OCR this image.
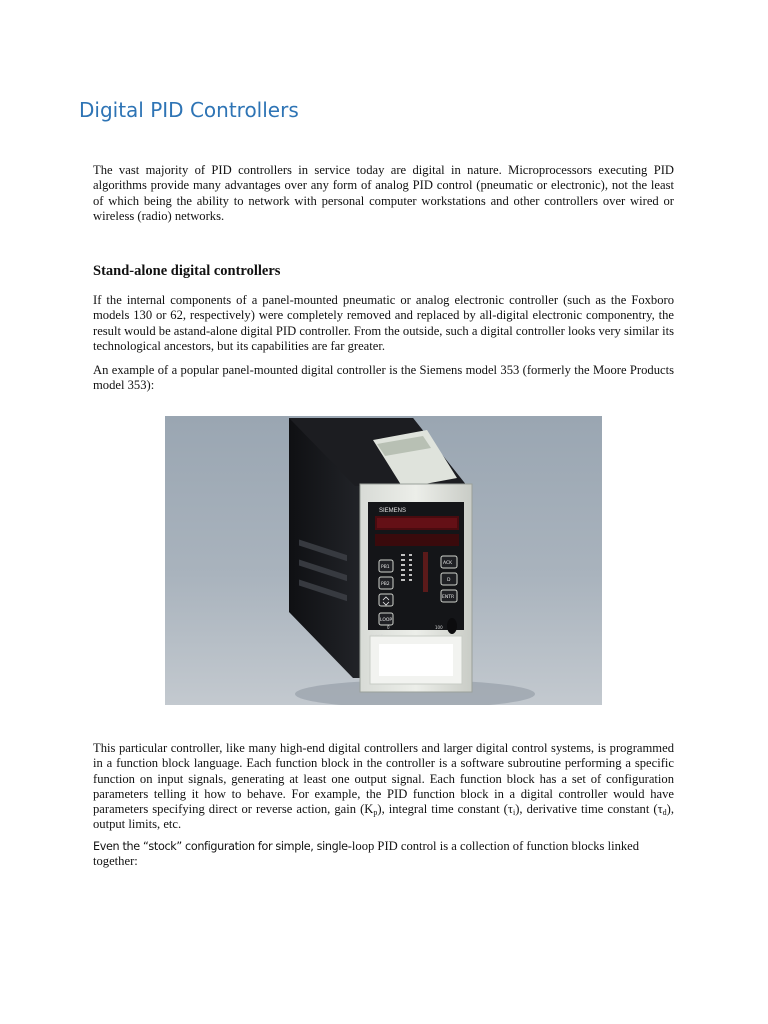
Digital PID Controllers

The vast majority of PID controllers in service today are digital in nature. Microprocessors executing PID algorithms provide many advantages over any form of analog PID control (pneumatic or electronic), not the least of which being the ability to network with personal computer workstations and other controllers over wired or wireless (radio) networks.

Stand-alone digital controllers

If the internal components of a panel-mounted pneumatic or analog electronic controller (such as the Foxboro models 130 or 62, respectively) were completely removed and replaced by all-digital electronic componentry, the result would be astand-alone digital PID controller. From the outside, such a digital controller looks very similar its technological ancestors, but its capabilities are far greater.

An example of a popular panel-mounted digital controller is the Siemens model 353 (formerly the Moore Products model 353):

SIEMENS
PB1
PB2
LOOP
ACK
D
ENTR
0	100

This particular controller, like many high-end digital controllers and larger digital control systems, is programmed in a function block language. Each function block in the controller is a software subroutine performing a specific function on input signals, generating at least one output signal. Each function block has a set of configuration parameters telling it how to behave. For example, the PID function block in a digital controller would have parameters specifying direct or reverse action, gain $(K_p)$, integral time constant $(\tau_i)$, derivative time constant $(\tau_d)$, output limits, etc.

Even the “stock” configuration for simple, single-loop PID control is a collection of function blocks linked together:
